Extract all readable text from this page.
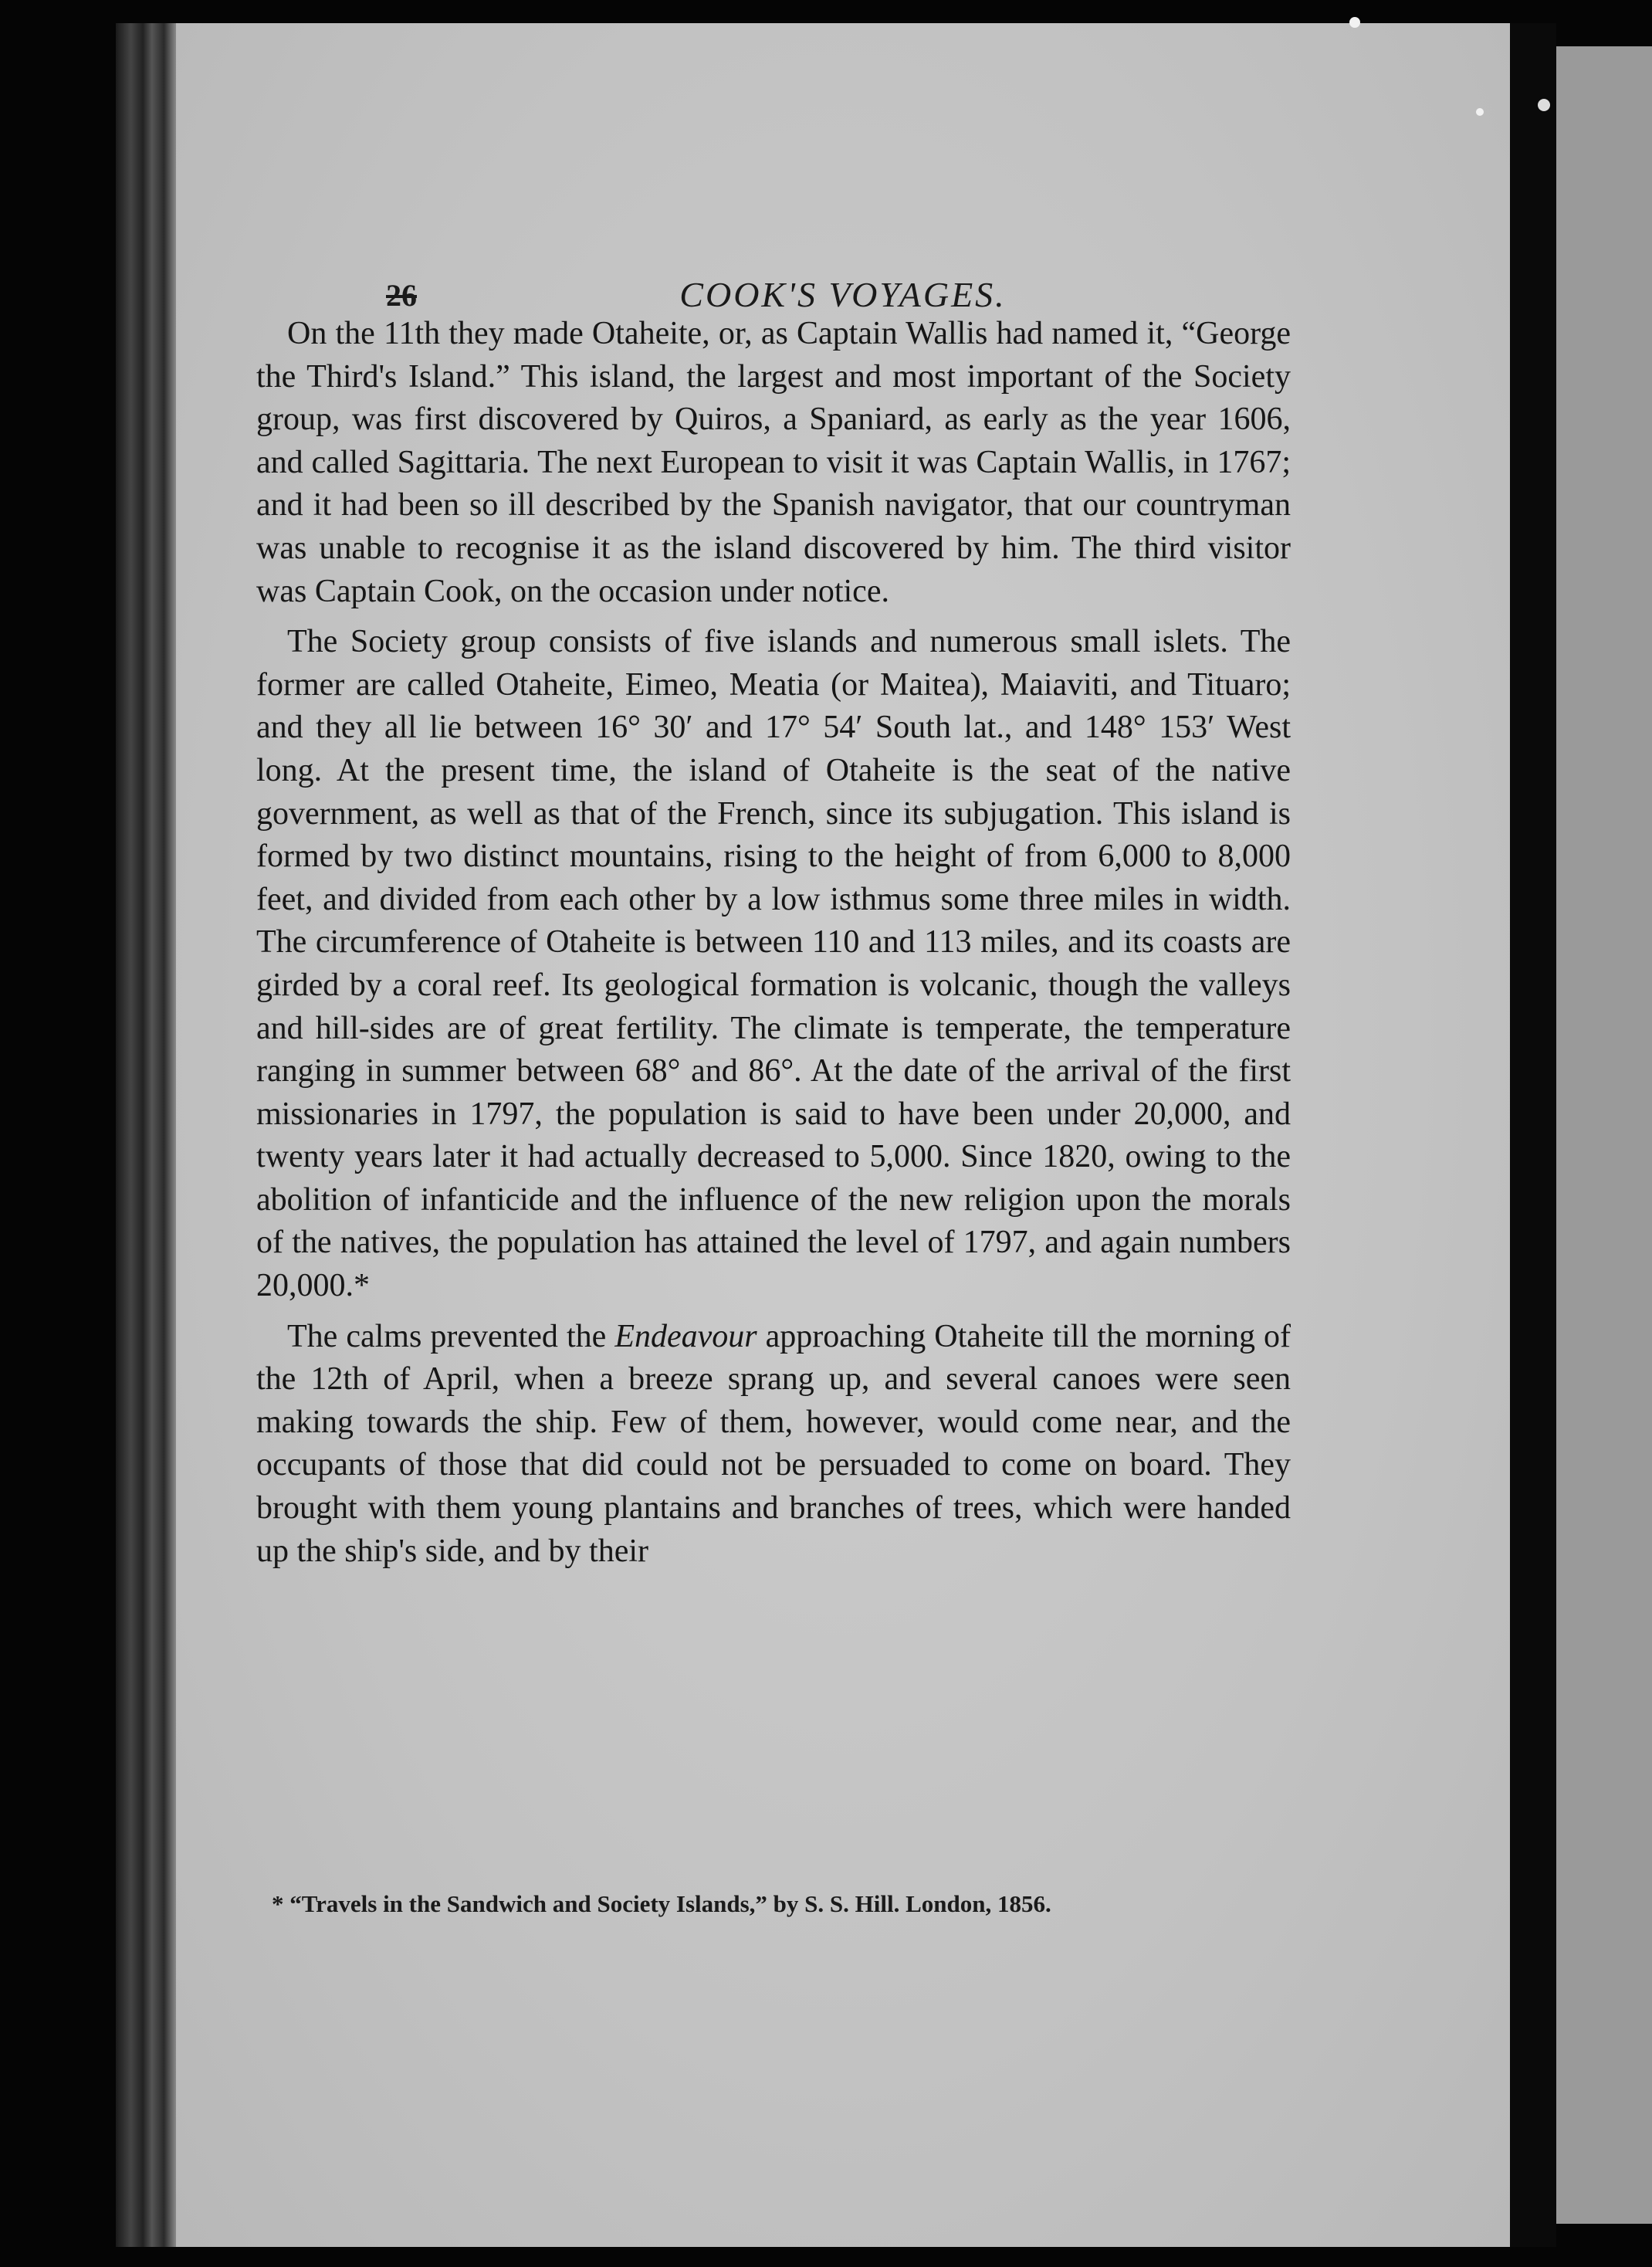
COOK'S VOYAGES.
26

On the 11th they made Otaheite, or, as Captain Wallis had named it, “George the Third's Island.” This island, the largest and most important of the Society group, was first discovered by Quiros, a Spaniard, as early as the year 1606, and called Sagittaria. The next European to visit it was Captain Wallis, in 1767; and it had been so ill described by the Spanish navigator, that our countryman was unable to recognise it as the island discovered by him. The third visitor was Captain Cook, on the occasion under notice.

The Society group consists of five islands and numerous small islets. The former are called Otaheite, Eimeo, Meatia (or Maitea), Maiaviti, and Tituaro; and they all lie between 16° 30′ and 17° 54′ South lat., and 148° 153′ West long. At the present time, the island of Otaheite is the seat of the native government, as well as that of the French, since its subjugation. This island is formed by two distinct mountains, rising to the height of from 6,000 to 8,000 feet, and divided from each other by a low isthmus some three miles in width. The circumference of Otaheite is between 110 and 113 miles, and its coasts are girded by a coral reef. Its geological formation is volcanic, though the valleys and hill-sides are of great fertility. The climate is temperate, the temperature ranging in summer between 68° and 86°. At the date of the arrival of the first missionaries in 1797, the population is said to have been under 20,000, and twenty years later it had actually decreased to 5,000. Since 1820, owing to the abolition of infanticide and the influence of the new religion upon the morals of the natives, the population has attained the level of 1797, and again numbers 20,000.*

The calms prevented the Endeavour approaching Otaheite till the morning of the 12th of April, when a breeze sprang up, and several canoes were seen making towards the ship. Few of them, however, would come near, and the occupants of those that did could not be persuaded to come on board. They brought with them young plantains and branches of trees, which were handed up the ship's side, and by their

* “Travels in the Sandwich and Society Islands,” by S. S. Hill. London, 1856.
